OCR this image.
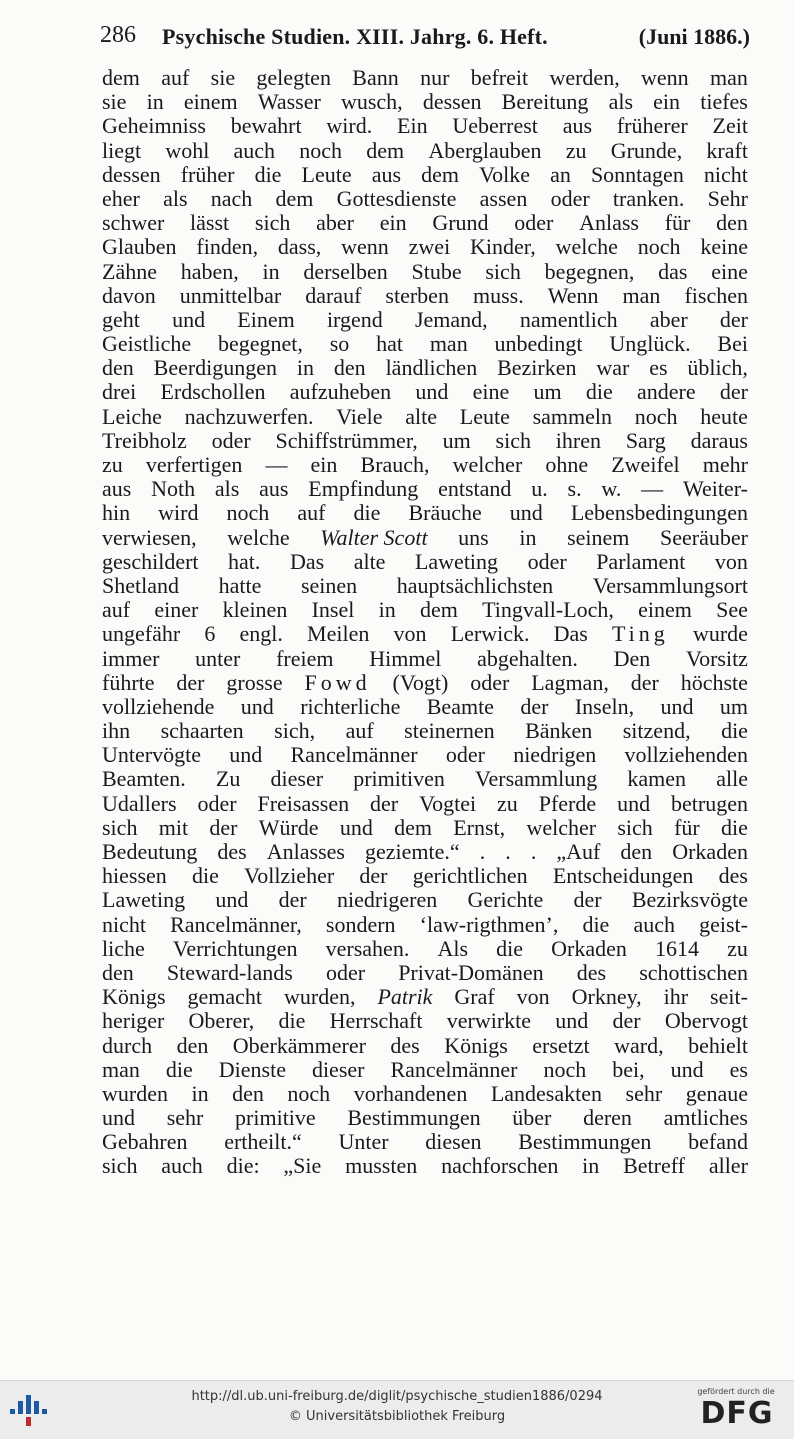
286 Psychische Studien. XIII. Jahrg. 6. Heft.	(Juni 1886.)
dem auf sie gelegten Bann nur befreit werden, wenn man
sie in einem Wasser wusch, dessen Bereitung als ein tiefes
Geheimniss bewahrt wird. Ein Ueberrest aus früherer Zeit
liegt wohl auch noch dem Aberglauben zu Grunde, kraft
dessen früher die Leute aus dem Volke an Sonntagen nicht
eher als nach dem Gottesdienste assen oder tranken. Sehr
schwer lässt sich aber ein Grund oder Anlass für den
Glauben finden, dass, wenn zwei Kinder, welche noch keine
Zähne haben, in derselben Stube sich begegnen, das eine
davon unmittelbar darauf sterben muss. Wenn man fischen
geht und Einem irgend Jemand, namentlich aber der
Geistliche begegnet, so hat man unbedingt Unglück. Bei
den Beerdigungen in den ländlichen Bezirken war es üblich,
drei Erdschollen aufzuheben und eine um die andere der
Leiche nachzuwerfen. Viele alte Leute sammeln noch heute
Treibholz oder Schiffstrümmer, um sich ihren Sarg daraus
zu verfertigen — ein Brauch, welcher ohne Zweifel mehr
aus Noth als aus Empfindung entstand u. s. w. — Weiter-
hin wird noch auf die Bräuche und Lebensbedingungen
verwiesen, welche Walter Scott uns in seinem Seeräuber
geschildert hat. Das alte Laweting oder Parlament von
Shetland hatte seinen hauptsächlichsten Versammlungsort
auf einer kleinen Insel in dem Tingvall-Loch, einem See
ungefähr 6 engl. Meilen von Lerwick. Das Ting wurde
immer unter freiem Himmel abgehalten. Den Vorsitz
führte der grosse Fowd (Vogt) oder Lagman, der höchste
vollziehende und richterliche Beamte der Inseln, und um
ihn schaarten sich, auf steinernen Bänken sitzend, die
Untervögte und Rancelmänner oder niedrigen vollziehenden
Beamten. Zu dieser primitiven Versammlung kamen alle
Udallers oder Freisassen der Vogtei zu Pferde und betrugen
sich mit der Würde und dem Ernst, welcher sich für die
Bedeutung des Anlasses geziemte.“ . . . „Auf den Orkaden
hiessen die Vollzieher der gerichtlichen Entscheidungen des
Laweting und der niedrigeren Gerichte der Bezirksvögte
nicht Rancelmänner, sondern ‘law-rigthmen’, die auch geist-
liche Verrichtungen versahen. Als die Orkaden 1614 zu
den Steward-lands oder Privat-Domänen des schottischen
Königs gemacht wurden, Patrik Graf von Orkney, ihr seit-
heriger Oberer, die Herrschaft verwirkte und der Obervogt
durch den Oberkämmerer des Königs ersetzt ward, behielt
man die Dienste dieser Rancelmänner noch bei, und es
wurden in den noch vorhandenen Landesakten sehr genaue
und sehr primitive Bestimmungen über deren amtliches
Gebahren ertheilt.“ Unter diesen Bestimmungen befand
sich auch die: „Sie mussten nachforschen in Betreff aller
http://dl.ub.uni-freiburg.de/diglit/psychische_studien1886/0294
© Universitätsbibliothek Freiburg
gefördert durch die
DFG
